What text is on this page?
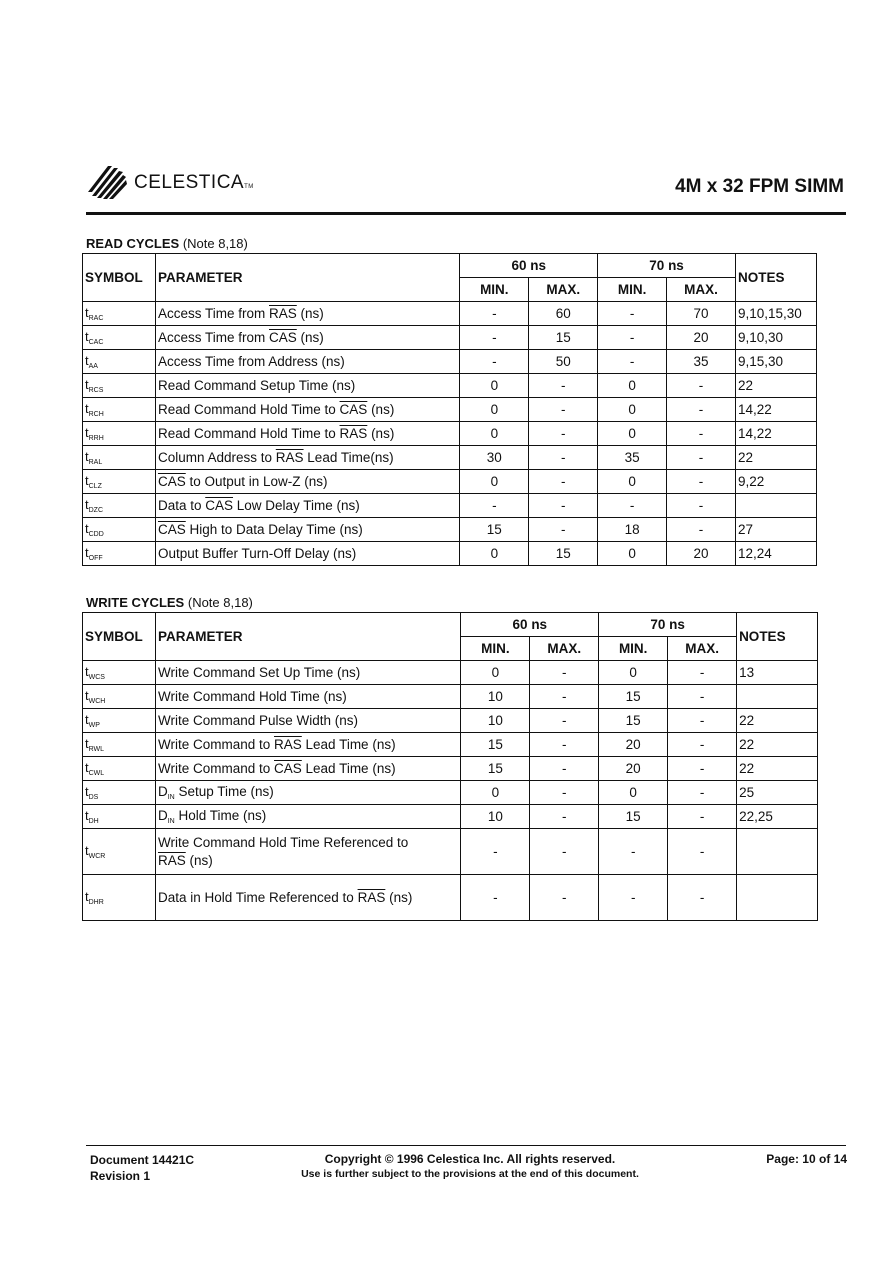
CELESTICATM	4M x 32 FPM SIMM
READ CYCLES (Note 8,18)
SYMBOL	PARAMETER	60 ns		70 ns		NOTES
		MIN.	MAX.	MIN.	MAX.	
$t_{RAC}$	Access Time from $\overline{RAS}$ (ns)	-	60	-	70	9,10,15,30
$t_{CAC}$	Access Time from $\overline{CAS}$ (ns)	-	15	-	20	9,10,30
$t_{AA}$	Access Time from Address (ns)	-	50	-	35	9,15,30
$t_{RCS}$	Read Command Setup Time (ns)	0	-	0	-	22
$t_{RCH}$	Read Command Hold Time to $\overline{CAS}$ (ns)	0	-	0	-	14,22
$t_{RRH}$	Read Command Hold Time to $\overline{RAS}$ (ns)	0	-	0	-	14,22
$t_{RAL}$	Column Address to $\overline{RAS}$ Lead Time(ns)	30	-	35	-	22
$t_{CLZ}$	$\overline{CAS}$ to Output in Low-Z (ns)	0	-	0	-	9,22
$t_{DZC}$	Data to $\overline{CAS}$ Low Delay Time (ns)	-	-	-	-	
$t_{CDD}$	$\overline{CAS}$ High to Data Delay Time (ns)	15	-	18	-	27
$t_{OFF}$	Output Buffer Turn-Off Delay (ns)	0	15	0	20	12,24
WRITE CYCLES (Note 8,18)
SYMBOL	PARAMETER	60 ns		70 ns		NOTES
		MIN.	MAX.	MIN.	MAX.	
$t_{WCS}$	Write Command Set Up Time (ns)	0	-	0	-	13
$t_{WCH}$	Write Command Hold Time (ns)	10	-	15	-	
$t_{WP}$	Write Command Pulse Width (ns)	10	-	15	-	22
$t_{RWL}$	Write Command to $\overline{RAS}$ Lead Time (ns)	15	-	20	-	22
$t_{CWL}$	Write Command to $\overline{CAS}$ Lead Time (ns)	15	-	20	-	22
$t_{DS}$	$D_{IN}$ Setup Time (ns)	0	-	0	-	25
$t_{DH}$	$D_{IN}$ Hold Time (ns)	10	-	15	-	22,25
$t_{WCR}$	Write Command Hold Time Referenced to
$\overline{RAS}$ (ns)	-	-	-	-	
$t_{DHR}$	Data in Hold Time Referenced to $\overline{RAS}$ (ns)	-	-	-	-	
Document 14421C
Revision 1
Copyright © 1996 Celestica Inc. All rights reserved.
Use is further subject to the provisions at the end of this document.
Page: 10 of 14
